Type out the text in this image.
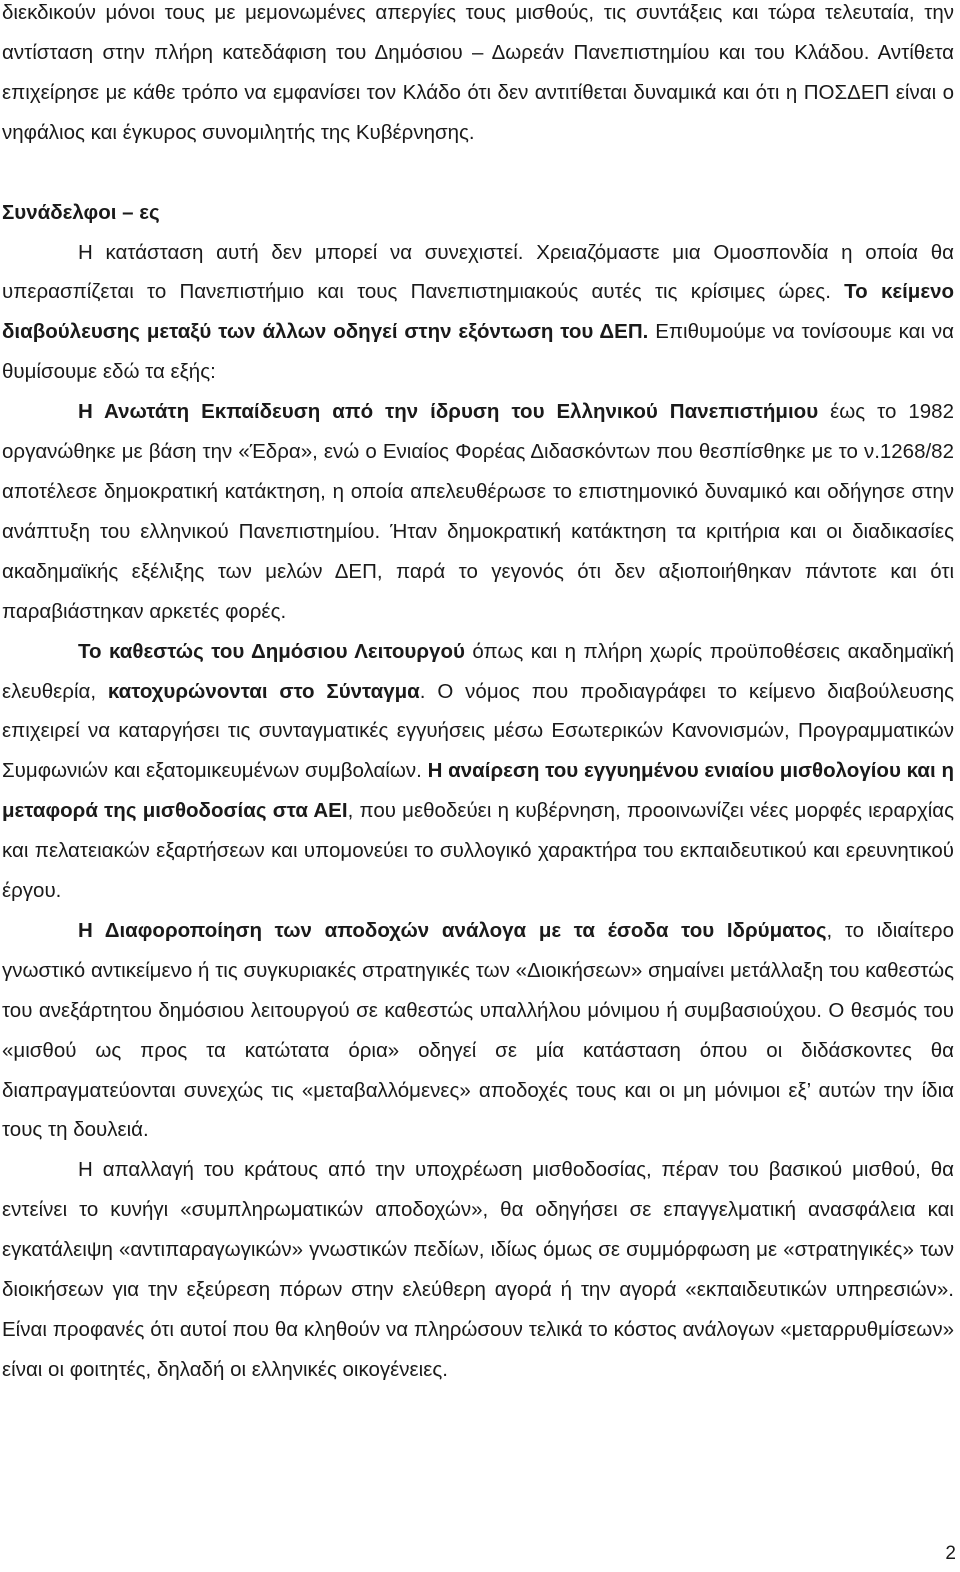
διεκδικούν μόνοι τους με μεμονωμένες απεργίες τους μισθούς, τις συντάξεις και τώρα τελευταία, την αντίσταση στην πλήρη κατεδάφιση του Δημόσιου – Δωρεάν Πανεπιστημίου και του Κλάδου. Αντίθετα επιχείρησε με κάθε τρόπο να εμφανίσει τον Κλάδο ότι δεν αντιτίθεται δυναμικά και ότι η ΠΟΣΔΕΠ είναι ο νηφάλιος και έγκυρος συνομιλητής της Κυβέρνησης.

Συνάδελφοι – ες

Η κατάσταση αυτή δεν μπορεί να συνεχιστεί. Χρειαζόμαστε μια Ομοσπονδία η οποία θα υπερασπίζεται το Πανεπιστήμιο και τους Πανεπιστημιακούς αυτές τις κρίσιμες ώρες. Το κείμενο διαβούλευσης μεταξύ των άλλων οδηγεί στην εξόντωση του ΔΕΠ. Επιθυμούμε να τονίσουμε και να θυμίσουμε εδώ τα εξής:

Η Ανωτάτη Εκπαίδευση από την ίδρυση του Ελληνικού Πανεπιστήμιου έως το 1982 οργανώθηκε με βάση την «Έδρα», ενώ ο Ενιαίος Φορέας Διδασκόντων που θεσπίσθηκε με το ν.1268/82 αποτέλεσε δημοκρατική κατάκτηση, η οποία απελευθέρωσε το επιστημονικό δυναμικό και οδήγησε στην ανάπτυξη του ελληνικού Πανεπιστημίου. Ήταν δημοκρατική κατάκτηση τα κριτήρια και οι διαδικασίες ακαδημαϊκής εξέλιξης των μελών ΔΕΠ, παρά το γεγονός ότι δεν αξιοποιήθηκαν πάντοτε και ότι παραβιάστηκαν αρκετές φορές.

Το καθεστώς του Δημόσιου Λειτουργού όπως και η πλήρη χωρίς προϋποθέσεις ακαδημαϊκή ελευθερία, κατοχυρώνονται στο Σύνταγμα. Ο νόμος που προδιαγράφει το κείμενο διαβούλευσης επιχειρεί να καταργήσει τις συνταγματικές εγγυήσεις μέσω Εσωτερικών Κανονισμών, Προγραμματικών Συμφωνιών και εξατομικευμένων συμβολαίων. Η αναίρεση του εγγυημένου ενιαίου μισθολογίου και η μεταφορά της μισθοδοσίας στα ΑΕΙ, που μεθοδεύει η κυβέρνηση, προοινωνίζει νέες μορφές ιεραρχίας και πελατειακών εξαρτήσεων και υπομονεύει το συλλογικό χαρακτήρα του εκπαιδευτικού και ερευνητικού έργου.

Η Διαφοροποίηση των αποδοχών ανάλογα με τα έσοδα του Ιδρύματος, το ιδιαίτερο γνωστικό αντικείμενο ή τις συγκυριακές στρατηγικές των «Διοικήσεων» σημαίνει μετάλλαξη του καθεστώς του ανεξάρτητου δημόσιου λειτουργού σε καθεστώς υπαλλήλου μόνιμου ή συμβασιούχου. Ο θεσμός του «μισθού ως προς τα κατώτατα όρια» οδηγεί σε μία κατάσταση όπου οι διδάσκοντες θα διαπραγματεύονται συνεχώς τις «μεταβαλλόμενες» αποδοχές τους και οι μη μόνιμοι εξ’ αυτών την ίδια τους τη δουλειά.

Η απαλλαγή του κράτους από την υποχρέωση μισθοδοσίας, πέραν του βασικού μισθού, θα εντείνει το κυνήγι «συμπληρωματικών αποδοχών», θα οδηγήσει σε επαγγελματική ανασφάλεια και εγκατάλειψη «αντιπαραγωγικών» γνωστικών πεδίων, ιδίως όμως σε συμμόρφωση με «στρατηγικές» των διοικήσεων για την εξεύρεση πόρων στην ελεύθερη αγορά ή την αγορά «εκπαιδευτικών υπηρεσιών». Είναι προφανές ότι αυτοί που θα κληθούν να πληρώσουν τελικά το κόστος ανάλογων «μεταρρυθμίσεων» είναι οι φοιτητές, δηλαδή οι ελληνικές οικογένειες.

2
